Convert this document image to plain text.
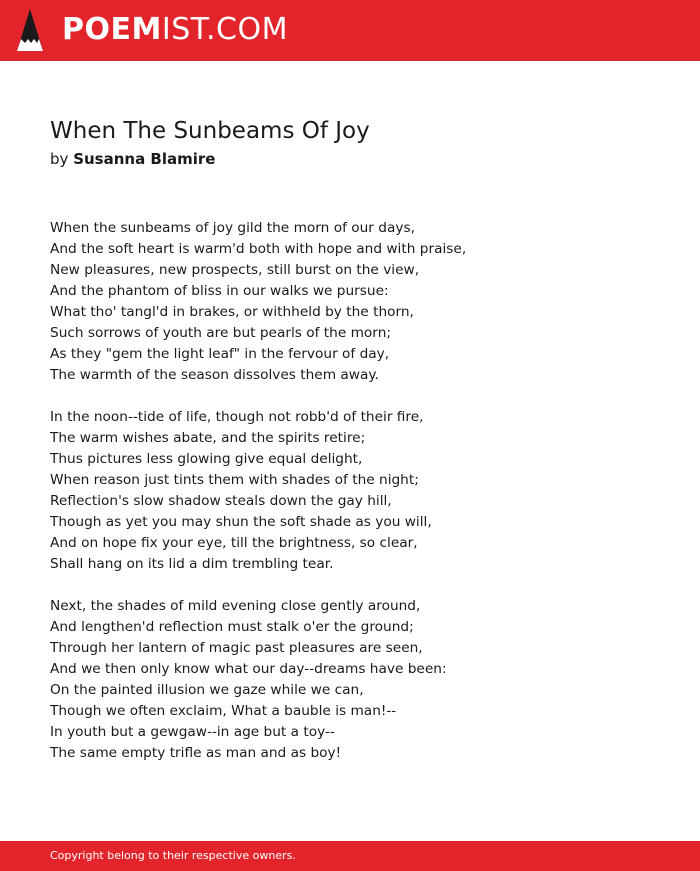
POEMIST.COM
When The Sunbeams Of Joy
by Susanna Blamire
When the sunbeams of joy gild the morn of our days,
And the soft heart is warm'd both with hope and with praise,
New pleasures, new prospects, still burst on the view,
And the phantom of bliss in our walks we pursue:
What tho' tangl'd in brakes, or withheld by the thorn,
Such sorrows of youth are but pearls of the morn;
As they "gem the light leaf" in the fervour of day,
The warmth of the season dissolves them away.
In the noon--tide of life, though not robb'd of their fire,
The warm wishes abate, and the spirits retire;
Thus pictures less glowing give equal delight,
When reason just tints them with shades of the night;
Reflection's slow shadow steals down the gay hill,
Though as yet you may shun the soft shade as you will,
And on hope fix your eye, till the brightness, so clear,
Shall hang on its lid a dim trembling tear.
Next, the shades of mild evening close gently around,
And lengthen'd reflection must stalk o'er the ground;
Through her lantern of magic past pleasures are seen,
And we then only know what our day--dreams have been:
On the painted illusion we gaze while we can,
Though we often exclaim, What a bauble is man!--
In youth but a gewgaw--in age but a toy--
The same empty trifle as man and as boy!
Copyright belong to their respective owners.
